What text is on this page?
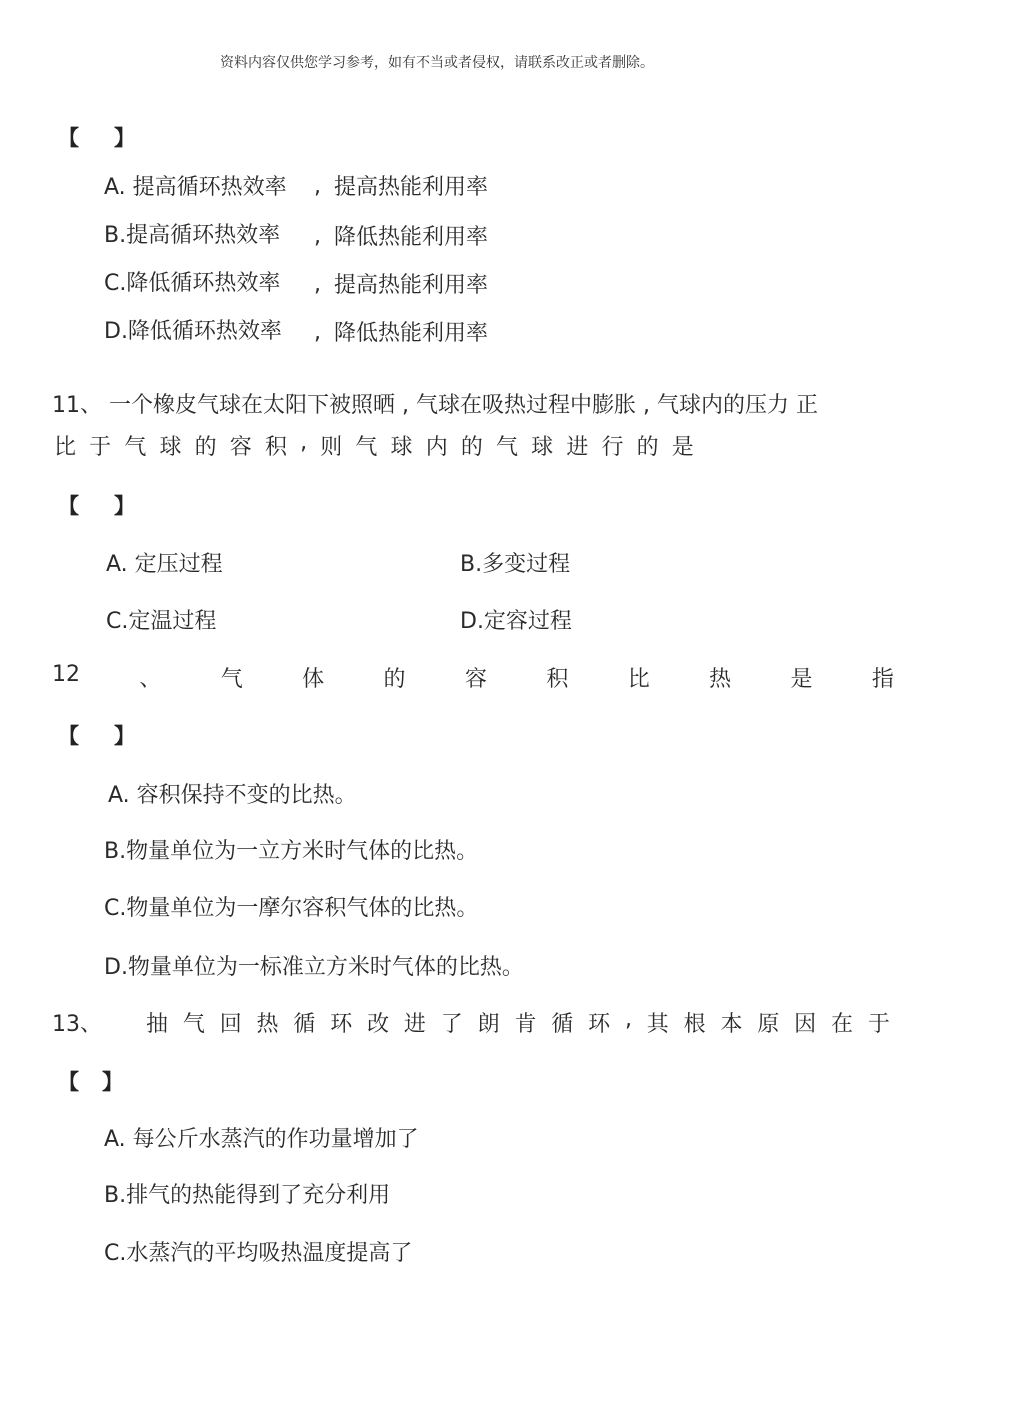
资料内容仅供您学习参考，如有不当或者侵权，请联系改正或者删除。
【 】
A. 提高循环热效率 , 提高热能利用率
B.提高循环热效率 , 降低热能利用率
C.降低循环热效率 , 提高热能利用率
D.降低循环热效率 , 降低热能利用率
11、 一个橡皮气球在太阳下被照晒 , 气球在吸热过程中膨胀 , 气球内的压力 正
比 于 气 球 的 容 积 , 则 气 球 内 的 气 球 进 行 的 是
【 】
A. 定压过程	B.多变过程
C.定温过程	D.定容过程
12	、	气	体	的	容	积	比	热	是	指
【 】
A. 容积保持不变的比热。
B.物量单位为一立方米时气体的比热。
C.物量单位为一摩尔容积气体的比热。
D.物量单位为一标准立方米时气体的比热。
13、 抽 气 回 热 循 环 改 进 了 朗 肯 循 环 , 其 根 本 原 因 在 于
【 】
A. 每公斤水蒸汽的作功量增加了
B.排气的热能得到了充分利用
C.水蒸汽的平均吸热温度提高了
